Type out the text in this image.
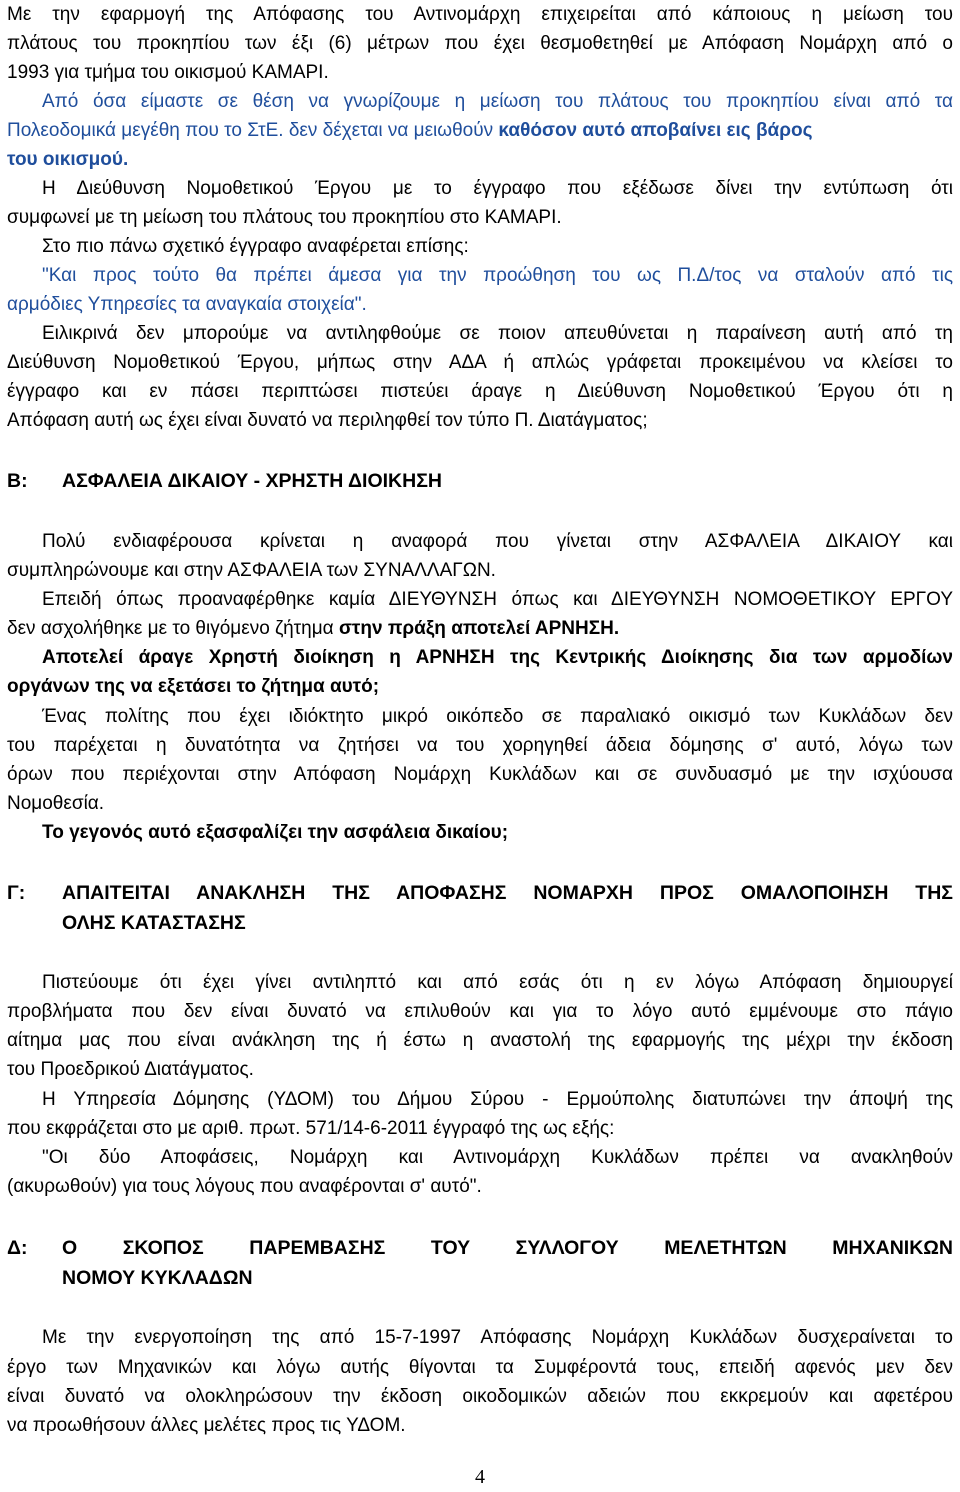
Με την εφαρμογή της Απόφασης του Αντινομάρχη επιχειρείται από κάποιους η μείωση του
πλάτους του προκηπίου των έξι (6) μέτρων που έχει θεσμοθετηθεί με Απόφαση Νομάρχη από ο
1993 για τμήμα του οικισμού ΚΑΜΑΡΙ.
Από όσα είμαστε σε θέση να γνωρίζουμε η μείωση του πλάτους του προκηπίου είναι από τα
Πολεοδομικά μεγέθη που το ΣτΕ. δεν δέχεται να μειωθούν καθόσον αυτό αποβαίνει εις βάρος
του οικισμού.
Η Διεύθυνση Νομοθετικού Έργου με το έγγραφο που εξέδωσε δίνει την εντύπωση ότι
συμφωνεί με τη μείωση του πλάτους του προκηπίου στο ΚΑΜΑΡΙ.
Στο πιο πάνω σχετικό έγγραφο αναφέρεται επίσης:
"Και προς τούτο θα πρέπει άμεσα για την προώθηση του ως Π.Δ/τος να σταλούν από τις
αρμόδιες Υπηρεσίες τα αναγκαία στοιχεία".
Ειλικρινά δεν μπορούμε να αντιληφθούμε σε ποιον απευθύνεται η παραίνεση αυτή από τη
Διεύθυνση Νομοθετικού Έργου, μήπως στην ΑΔΑ ή απλώς γράφεται προκειμένου να κλείσει το
έγγραφο και εν πάσει περιπτώσει πιστεύει άραγε η Διεύθυνση Νομοθετικού Έργου ότι η
Απόφαση αυτή ως έχει είναι δυνατό να περιληφθεί τον τύπο Π. Διατάγματος;
Β: ΑΣΦΑΛΕΙΑ ΔΙΚΑΙΟΥ - ΧΡΗΣΤΗ ΔΙΟΙΚΗΣΗ
Πολύ ενδιαφέρουσα κρίνεται η αναφορά που γίνεται στην ΑΣΦΑΛΕΙΑ ΔΙΚΑΙΟΥ και
συμπληρώνουμε και στην ΑΣΦΑΛΕΙΑ των ΣΥΝΑΛΛΑΓΩΝ.
Επειδή όπως προαναφέρθηκε καμία ΔΙΕΥΘΥΝΣΗ όπως και ΔΙΕΥΘΥΝΣΗ ΝΟΜΟΘΕΤΙΚΟΥ ΕΡΓΟΥ
δεν ασχολήθηκε με το θιγόμενο ζήτημα στην πράξη αποτελεί ΑΡΝΗΣΗ.
Αποτελεί άραγε Χρηστή διοίκηση η ΑΡΝΗΣΗ της Κεντρικής Διοίκησης δια των αρμοδίων
οργάνων της να εξετάσει το ζήτημα αυτό;
Ένας πολίτης που έχει ιδιόκτητο μικρό οικόπεδο σε παραλιακό οικισμό των Κυκλάδων δεν
του παρέχεται η δυνατότητα να ζητήσει να του χορηγηθεί άδεια δόμησης σ' αυτό, λόγω των
όρων που περιέχονται στην Απόφαση Νομάρχη Κυκλάδων και σε συνδυασμό με την ισχύουσα
Νομοθεσία.
Το γεγονός αυτό εξασφαλίζει την ασφάλεια δικαίου;
Γ: ΑΠΑΙΤΕΙΤΑΙ ΑΝΑΚΛΗΣΗ ΤΗΣ ΑΠΟΦΑΣΗΣ ΝΟΜΑΡΧΗ ΠΡΟΣ ΟΜΑΛΟΠΟΙΗΣΗ ΤΗΣ
ΟΛΗΣ ΚΑΤΑΣΤΑΣΗΣ
Πιστεύουμε ότι έχει γίνει αντιληπτό και από εσάς ότι η εν λόγω Απόφαση δημιουργεί
προβλήματα που δεν είναι δυνατό να επιλυθούν και για το λόγο αυτό εμμένουμε στο πάγιο
αίτημα μας που είναι ανάκληση της ή έστω η αναστολή της εφαρμογής της μέχρι την έκδοση
του Προεδρικού Διατάγματος.
Η Υπηρεσία Δόμησης (ΥΔΟΜ) του Δήμου Σύρου - Ερμούπολης διατυπώνει την άποψή της
που εκφράζεται στο με αριθ. πρωτ. 571/14-6-2011 έγγραφό της ως εξής:
"Οι δύο Αποφάσεις, Νομάρχη και Αντινομάρχη Κυκλάδων πρέπει να ανακληθούν
(ακυρωθούν) για τους λόγους που αναφέρονται σ' αυτό".
Δ: Ο ΣΚΟΠΟΣ ΠΑΡΕΜΒΑΣΗΣ ΤΟΥ ΣΥΛΛΟΓΟΥ ΜΕΛΕΤΗΤΩΝ ΜΗΧΑΝΙΚΩΝ
ΝΟΜΟΥ ΚΥΚΛΑΔΩΝ
Με την ενεργοποίηση της από 15-7-1997 Απόφασης Νομάρχη Κυκλάδων δυσχεραίνεται το
έργο των Μηχανικών και λόγω αυτής θίγονται τα Συμφέροντά τους, επειδή αφενός μεν δεν
είναι δυνατό να ολοκληρώσουν την έκδοση οικοδομικών αδειών που εκκρεμούν και αφετέρου
να προωθήσουν άλλες μελέτες προς τις ΥΔΟΜ.
4
